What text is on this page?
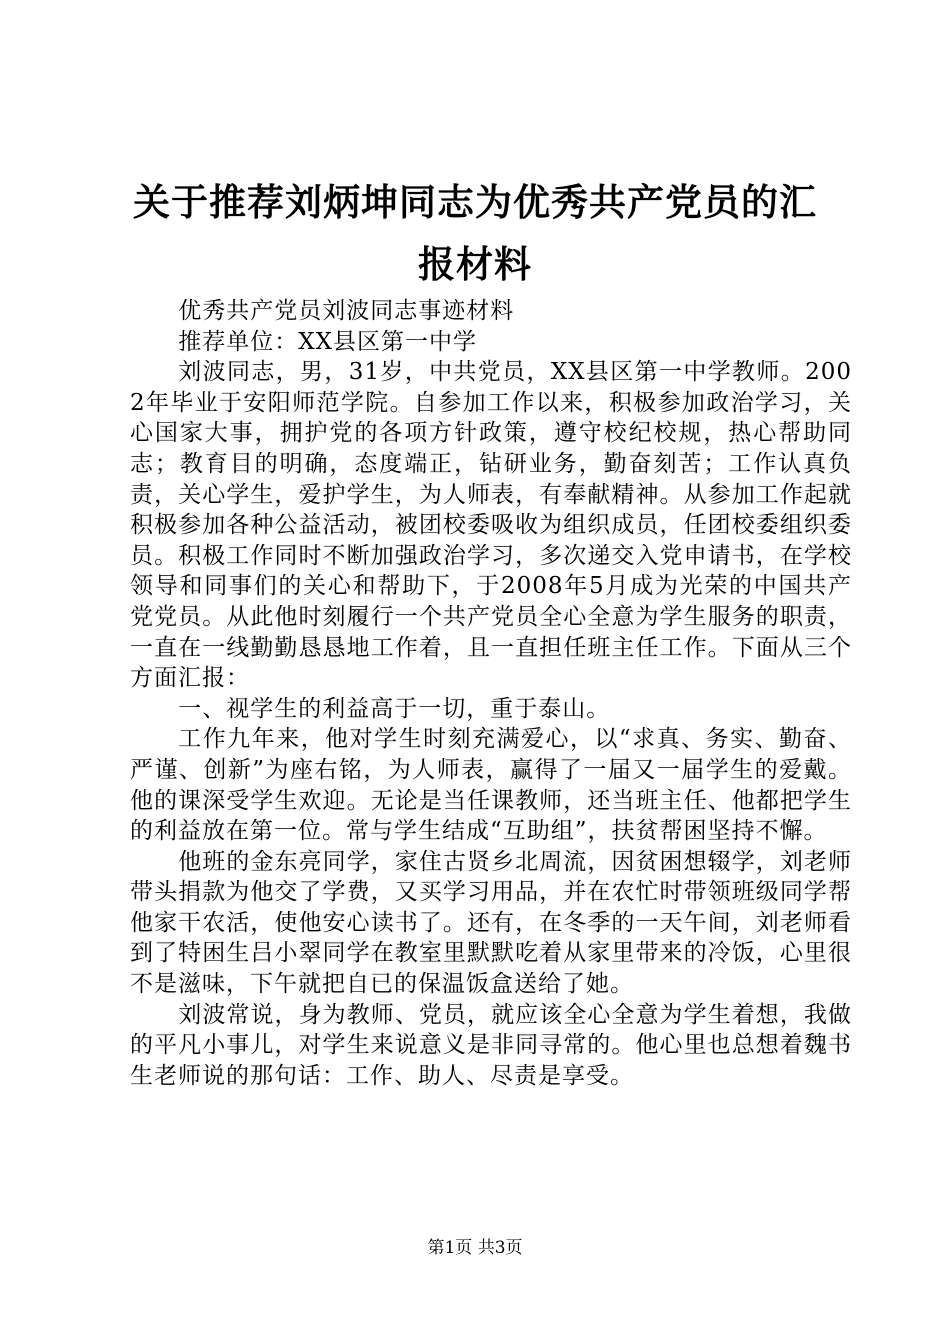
关于推荐刘炳坤同志为优秀共产党员的汇报材料

优秀共产党员刘波同志事迹材料

推荐单位：XX县区第一中学

刘波同志，男，31岁，中共党员，XX县区第一中学教师。2002年毕业于安阳师范学院。自参加工作以来，积极参加政治学习，关心国家大事，拥护党的各项方针政策，遵守校纪校规，热心帮助同志；教育目的明确，态度端正，钻研业务，勤奋刻苦；工作认真负责，关心学生，爱护学生，为人师表，有奉献精神。从参加工作起就积极参加各种公益活动，被团校委吸收为组织成员，任团校委组织委员。积极工作同时不断加强政治学习，多次递交入党申请书，在学校领导和同事们的关心和帮助下，于2008年5月成为光荣的中国共产党党员。从此他时刻履行一个共产党员全心全意为学生服务的职责，一直在一线勤勤恳恳地工作着，且一直担任班主任工作。下面从三个方面汇报：

一、视学生的利益高于一切，重于泰山。

工作九年来，他对学生时刻充满爱心，以“求真、务实、勤奋、严谨、创新”为座右铭，为人师表，赢得了一届又一届学生的爱戴。他的课深受学生欢迎。无论是当任课教师，还当班主任、他都把学生的利益放在第一位。常与学生结成“互助组”，扶贫帮困坚持不懈。

他班的金东亮同学，家住古贤乡北周流，因贫困想辍学，刘老师带头捐款为他交了学费，又买学习用品，并在农忙时带领班级同学帮他家干农活，使他安心读书了。还有，在冬季的一天午间，刘老师看到了特困生吕小翠同学在教室里默默吃着从家里带来的冷饭，心里很不是滋味，下午就把自已的保温饭盒送给了她。

刘波常说，身为教师、党员，就应该全心全意为学生着想，我做的平凡小事儿，对学生来说意义是非同寻常的。他心里也总想着魏书生老师说的那句话：工作、助人、尽责是享受。

第1页 共3页
